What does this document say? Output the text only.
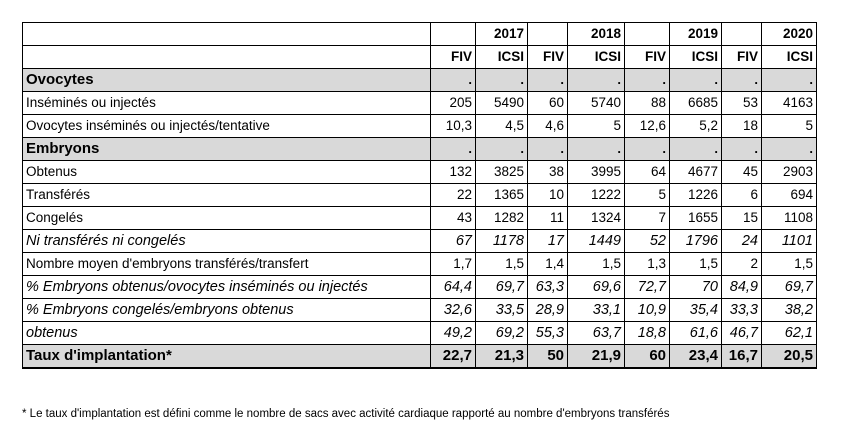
		2017		2018		2019		2020
	FIV	ICSI	FIV	ICSI	FIV	ICSI	FIV	ICSI
Ovocytes	.	.	.	.	.	.	.	.
Inséminés ou injectés	205	5490	60	5740	88	6685	53	4163
Ovocytes inséminés ou injectés/tentative	10,3	4,5	4,6	5	12,6	5,2	18	5
Embryons	.	.	.	.	.	.	.	.
Obtenus	132	3825	38	3995	64	4677	45	2903
Transférés	22	1365	10	1222	5	1226	6	694
Congelés	43	1282	11	1324	7	1655	15	1108
Ni transférés ni congelés	67	1178	17	1449	52	1796	24	1101
Nombre moyen d'embryons transférés/transfert	1,7	1,5	1,4	1,5	1,3	1,5	2	1,5
% Embryons obtenus/ovocytes inséminés ou injectés	64,4	69,7	63,3	69,6	72,7	70	84,9	69,7
% Embryons congelés/embryons obtenus	32,6	33,5	28,9	33,1	10,9	35,4	33,3	38,2
obtenus	49,2	69,2	55,3	63,7	18,8	61,6	46,7	62,1
Taux d'implantation*	22,7	21,3	50	21,9	60	23,4	16,7	20,5
* Le taux d'implantation est défini comme le nombre de sacs avec activité cardiaque rapporté au nombre d'embryons transférés
